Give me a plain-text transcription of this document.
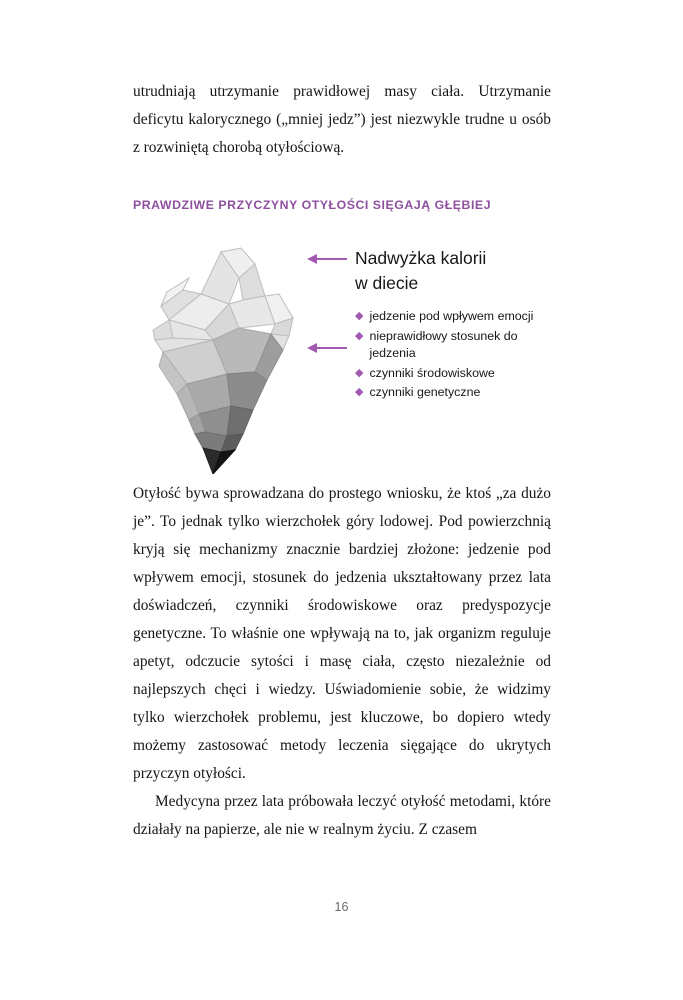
utrudniają utrzymanie prawidłowej masy ciała. Utrzymanie deficytu kalorycznego („mniej jedz”) jest niezwykle trudne u osób z rozwiniętą chorobą otyłościową.

PRAWDZIWE PRZYCZYNY OTYŁOŚCI SIĘGAJĄ GŁĘBIEJ
Nadwyżka kalorii
w diecie
◆ jedzenie pod wpływem emocji
◆ nieprawidłowy stosunek do jedzenia
◆ czynniki środowiskowe
◆ czynniki genetyczne

Otyłość bywa sprowadzana do prostego wniosku, że ktoś „za dużo je”. To jednak tylko wierzchołek góry lodowej. Pod powierzchnią kryją się mechanizmy znacznie bardziej złożone: jedzenie pod wpływem emocji, stosunek do jedzenia ukształtowany przez lata doświadczeń, czynniki środowiskowe oraz predyspozycje genetyczne. To właśnie one wpływają na to, jak organizm reguluje apetyt, odczucie sytości i masę ciała, często niezależnie od najlepszych chęci i wiedzy. Uświadomienie sobie, że widzimy tylko wierzchołek problemu, jest kluczowe, bo dopiero wtedy możemy zastosować metody leczenia sięgające do ukrytych przyczyn otyłości.

Medycyna przez lata próbowała leczyć otyłość metodami, które działały na papierze, ale nie w realnym życiu. Z czasem

16
